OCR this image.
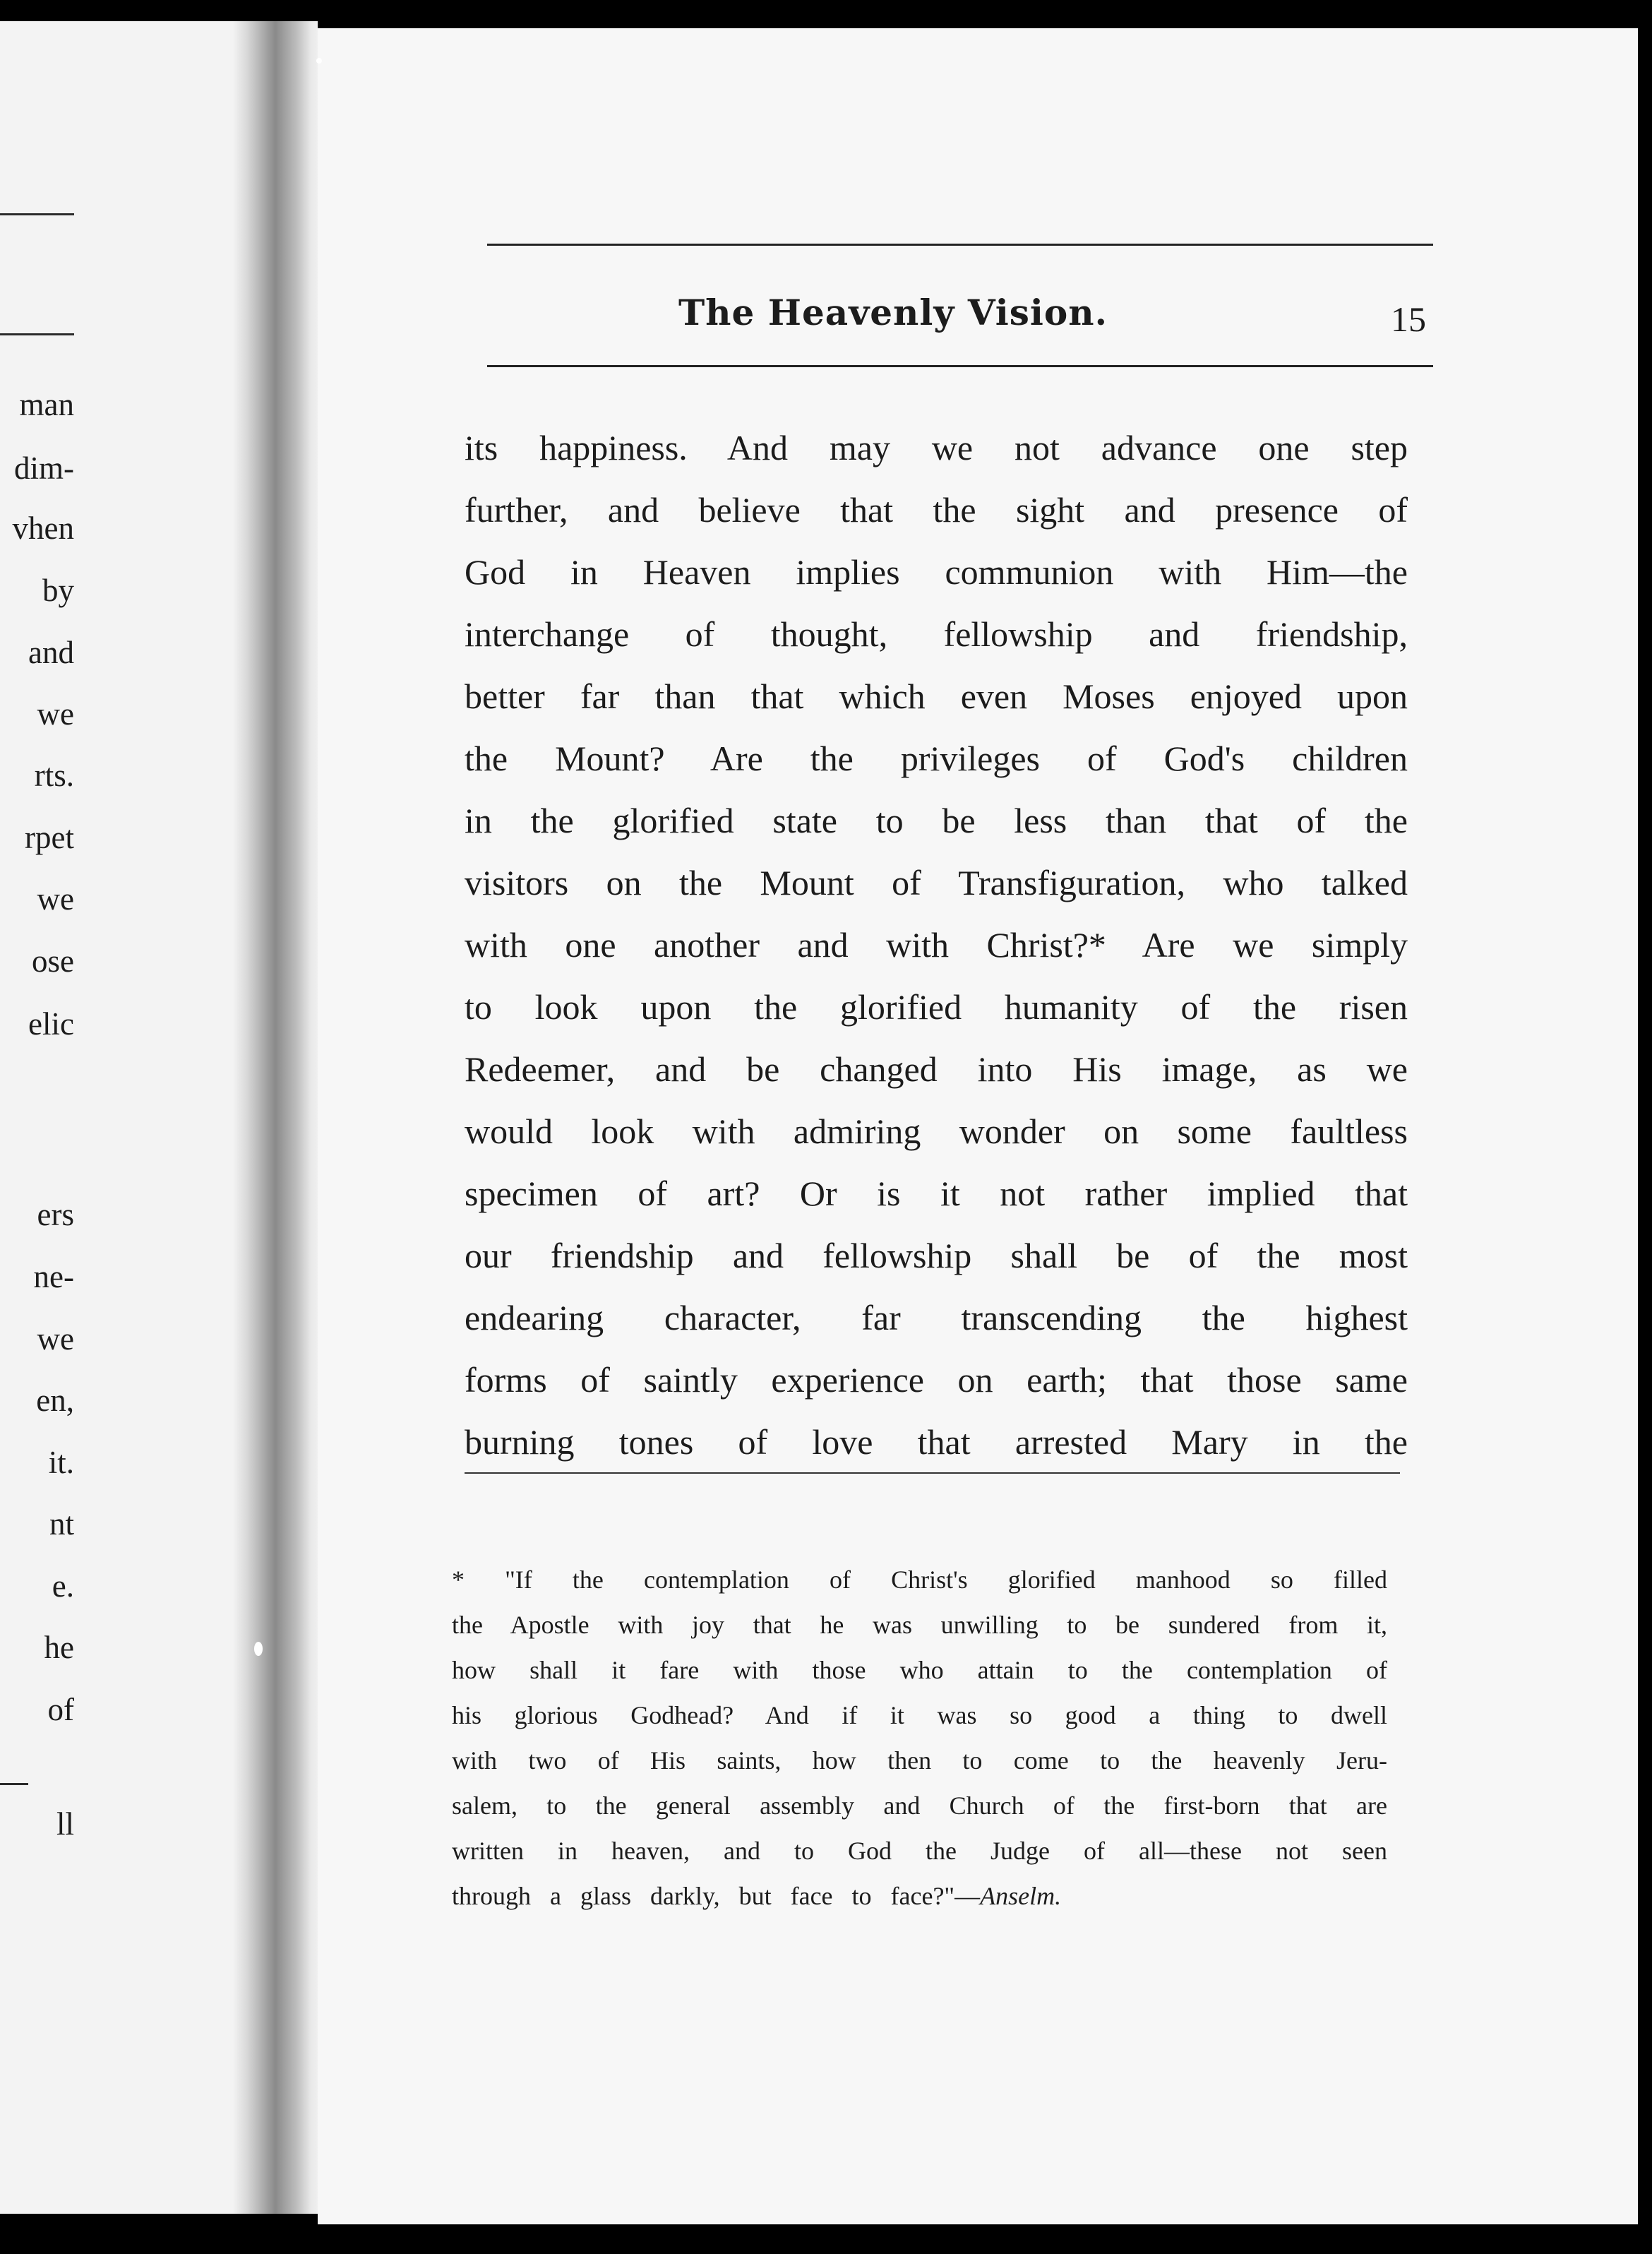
man
dim-
vhen
by
and
we
rts.
rpet
we
ose
elic
ers
ne-
we
en,
it.
nt
e.
he
of
ll
The Heavenly Vision.	15
its happiness. And may we not advance one step
further, and believe that the sight and presence of
God in Heaven implies communion with Him—the
interchange of thought, fellowship and friendship,
better far than that which even Moses enjoyed upon
the Mount? Are the privileges of God's children
in the glorified state to be less than that of the
visitors on the Mount of Transfiguration, who talked
with one another and with Christ?* Are we simply
to look upon the glorified humanity of the risen
Redeemer, and be changed into His image, as we
would look with admiring wonder on some faultless
specimen of art? Or is it not rather implied that
our friendship and fellowship shall be of the most
endearing character, far transcending the highest
forms of saintly experience on earth; that those same
burning tones of love that arrested Mary in the
* "If the contemplation of Christ's glorified manhood so filled
the Apostle with joy that he was unwilling to be sundered from it,
how shall it fare with those who attain to the contemplation of
his glorious Godhead? And if it was so good a thing to dwell
with two of His saints, how then to come to the heavenly Jeru-
salem, to the general assembly and Church of the first-born that are
written in heaven, and to God the Judge of all—these not seen
through a glass darkly, but face to face?"—Anselm.
